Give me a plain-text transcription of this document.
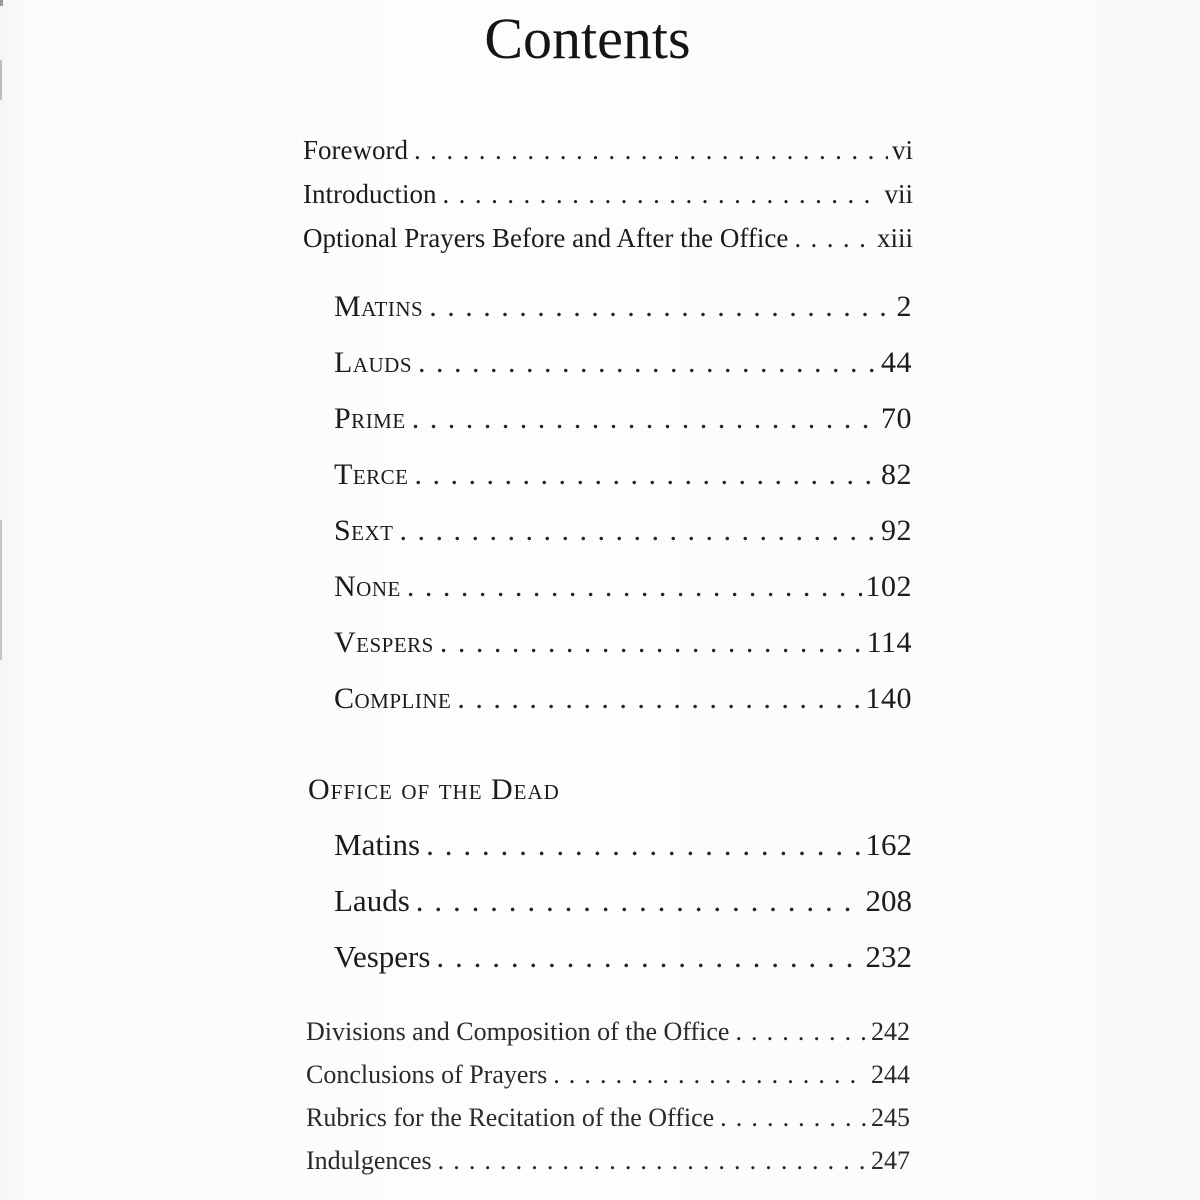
Contents
Foreword . . .	vi
Introduction . . .	vii
Optional Prayers Before and After the Office . . .	xiii
Matins . . .	2
Lauds . . .	44
Prime . . .	70
Terce . . .	82
Sext . . .	92
None . . .	102
Vespers . . .	114
Compline . . .	140
Office of the Dead
Matins . . .	162
Lauds . . .	208
Vespers . . .	232
Divisions and Composition of the Office . . .	242
Conclusions of Prayers . . .	244
Rubrics for the Recitation of the Office . . .	245
Indulgences . . .	247
